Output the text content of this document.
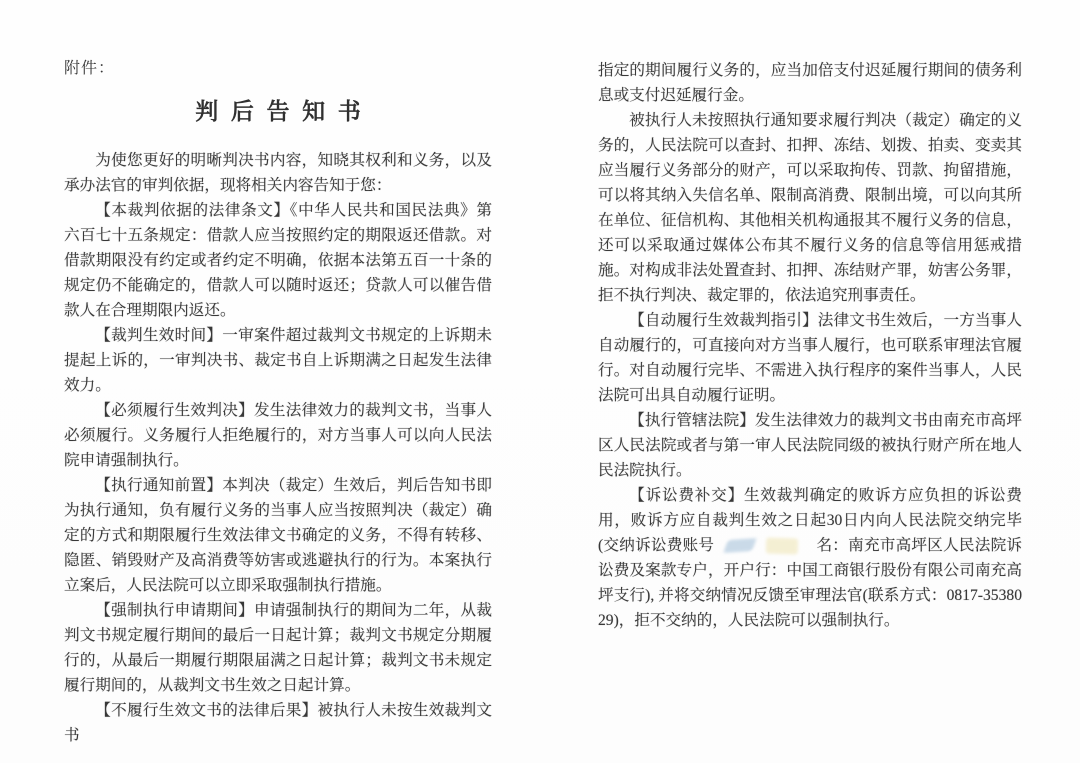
附件：
判后告知书

为使您更好的明晰判决书内容，知晓其权利和义务，以及承办法官的审判依据，现将相关内容告知于您：

【本裁判依据的法律条文】《中华人民共和国民法典》第六百七十五条规定：借款人应当按照约定的期限返还借款。对借款期限没有约定或者约定不明确，依据本法第五百一十条的规定仍不能确定的，借款人可以随时返还；贷款人可以催告借款人在合理期限内返还。

【裁判生效时间】一审案件超过裁判文书规定的上诉期未提起上诉的，一审判决书、裁定书自上诉期满之日起发生法律效力。

【必须履行生效判决】发生法律效力的裁判文书，当事人必须履行。义务履行人拒绝履行的，对方当事人可以向人民法院申请强制执行。

【执行通知前置】本判决（裁定）生效后，判后告知书即为执行通知，负有履行义务的当事人应当按照判决（裁定）确定的方式和期限履行生效法律文书确定的义务，不得有转移、隐匿、销毁财产及高消费等妨害或逃避执行的行为。本案执行立案后，人民法院可以立即采取强制执行措施。

【强制执行申请期间】申请强制执行的期间为二年，从裁判文书规定履行期间的最后一日起计算；裁判文书规定分期履行的，从最后一期履行期限届满之日起计算；裁判文书未规定履行期间的，从裁判文书生效之日起计算。

【不履行生效文书的法律后果】被执行人未按生效裁判文书

指定的期间履行义务的，应当加倍支付迟延履行期间的债务利息或支付迟延履行金。

被执行人未按照执行通知要求履行判决（裁定）确定的义务的，人民法院可以查封、扣押、冻结、划拨、拍卖、变卖其应当履行义务部分的财产，可以采取拘传、罚款、拘留措施，可以将其纳入失信名单、限制高消费、限制出境，可以向其所在单位、征信机构、其他相关机构通报其不履行义务的信息，还可以采取通过媒体公布其不履行义务的信息等信用惩戒措施。对构成非法处置查封、扣押、冻结财产罪，妨害公务罪，拒不执行判决、裁定罪的，依法追究刑事责任。

【自动履行生效裁判指引】法律文书生效后，一方当事人自动履行的，可直接向对方当事人履行，也可联系审理法官履行。对自动履行完毕、不需进入执行程序的案件当事人，人民法院可出具自动履行证明。

【执行管辖法院】发生法律效力的裁判文书由南充市高坪区人民法院或者与第一审人民法院同级的被执行财产所在地人民法院执行。

【诉讼费补交】生效裁判确定的败诉方应负担的诉讼费用，败诉方应自裁判生效之日起30日内向人民法院交纳完毕(交纳诉讼费账号	名：南充市高坪区人民法院诉讼费及案款专户，开户行：中国工商银行股份有限公司南充高坪支行), 并将交纳情况反馈至审理法官(联系方式：0817-3538029)，拒不交纳的，人民法院可以强制执行。
